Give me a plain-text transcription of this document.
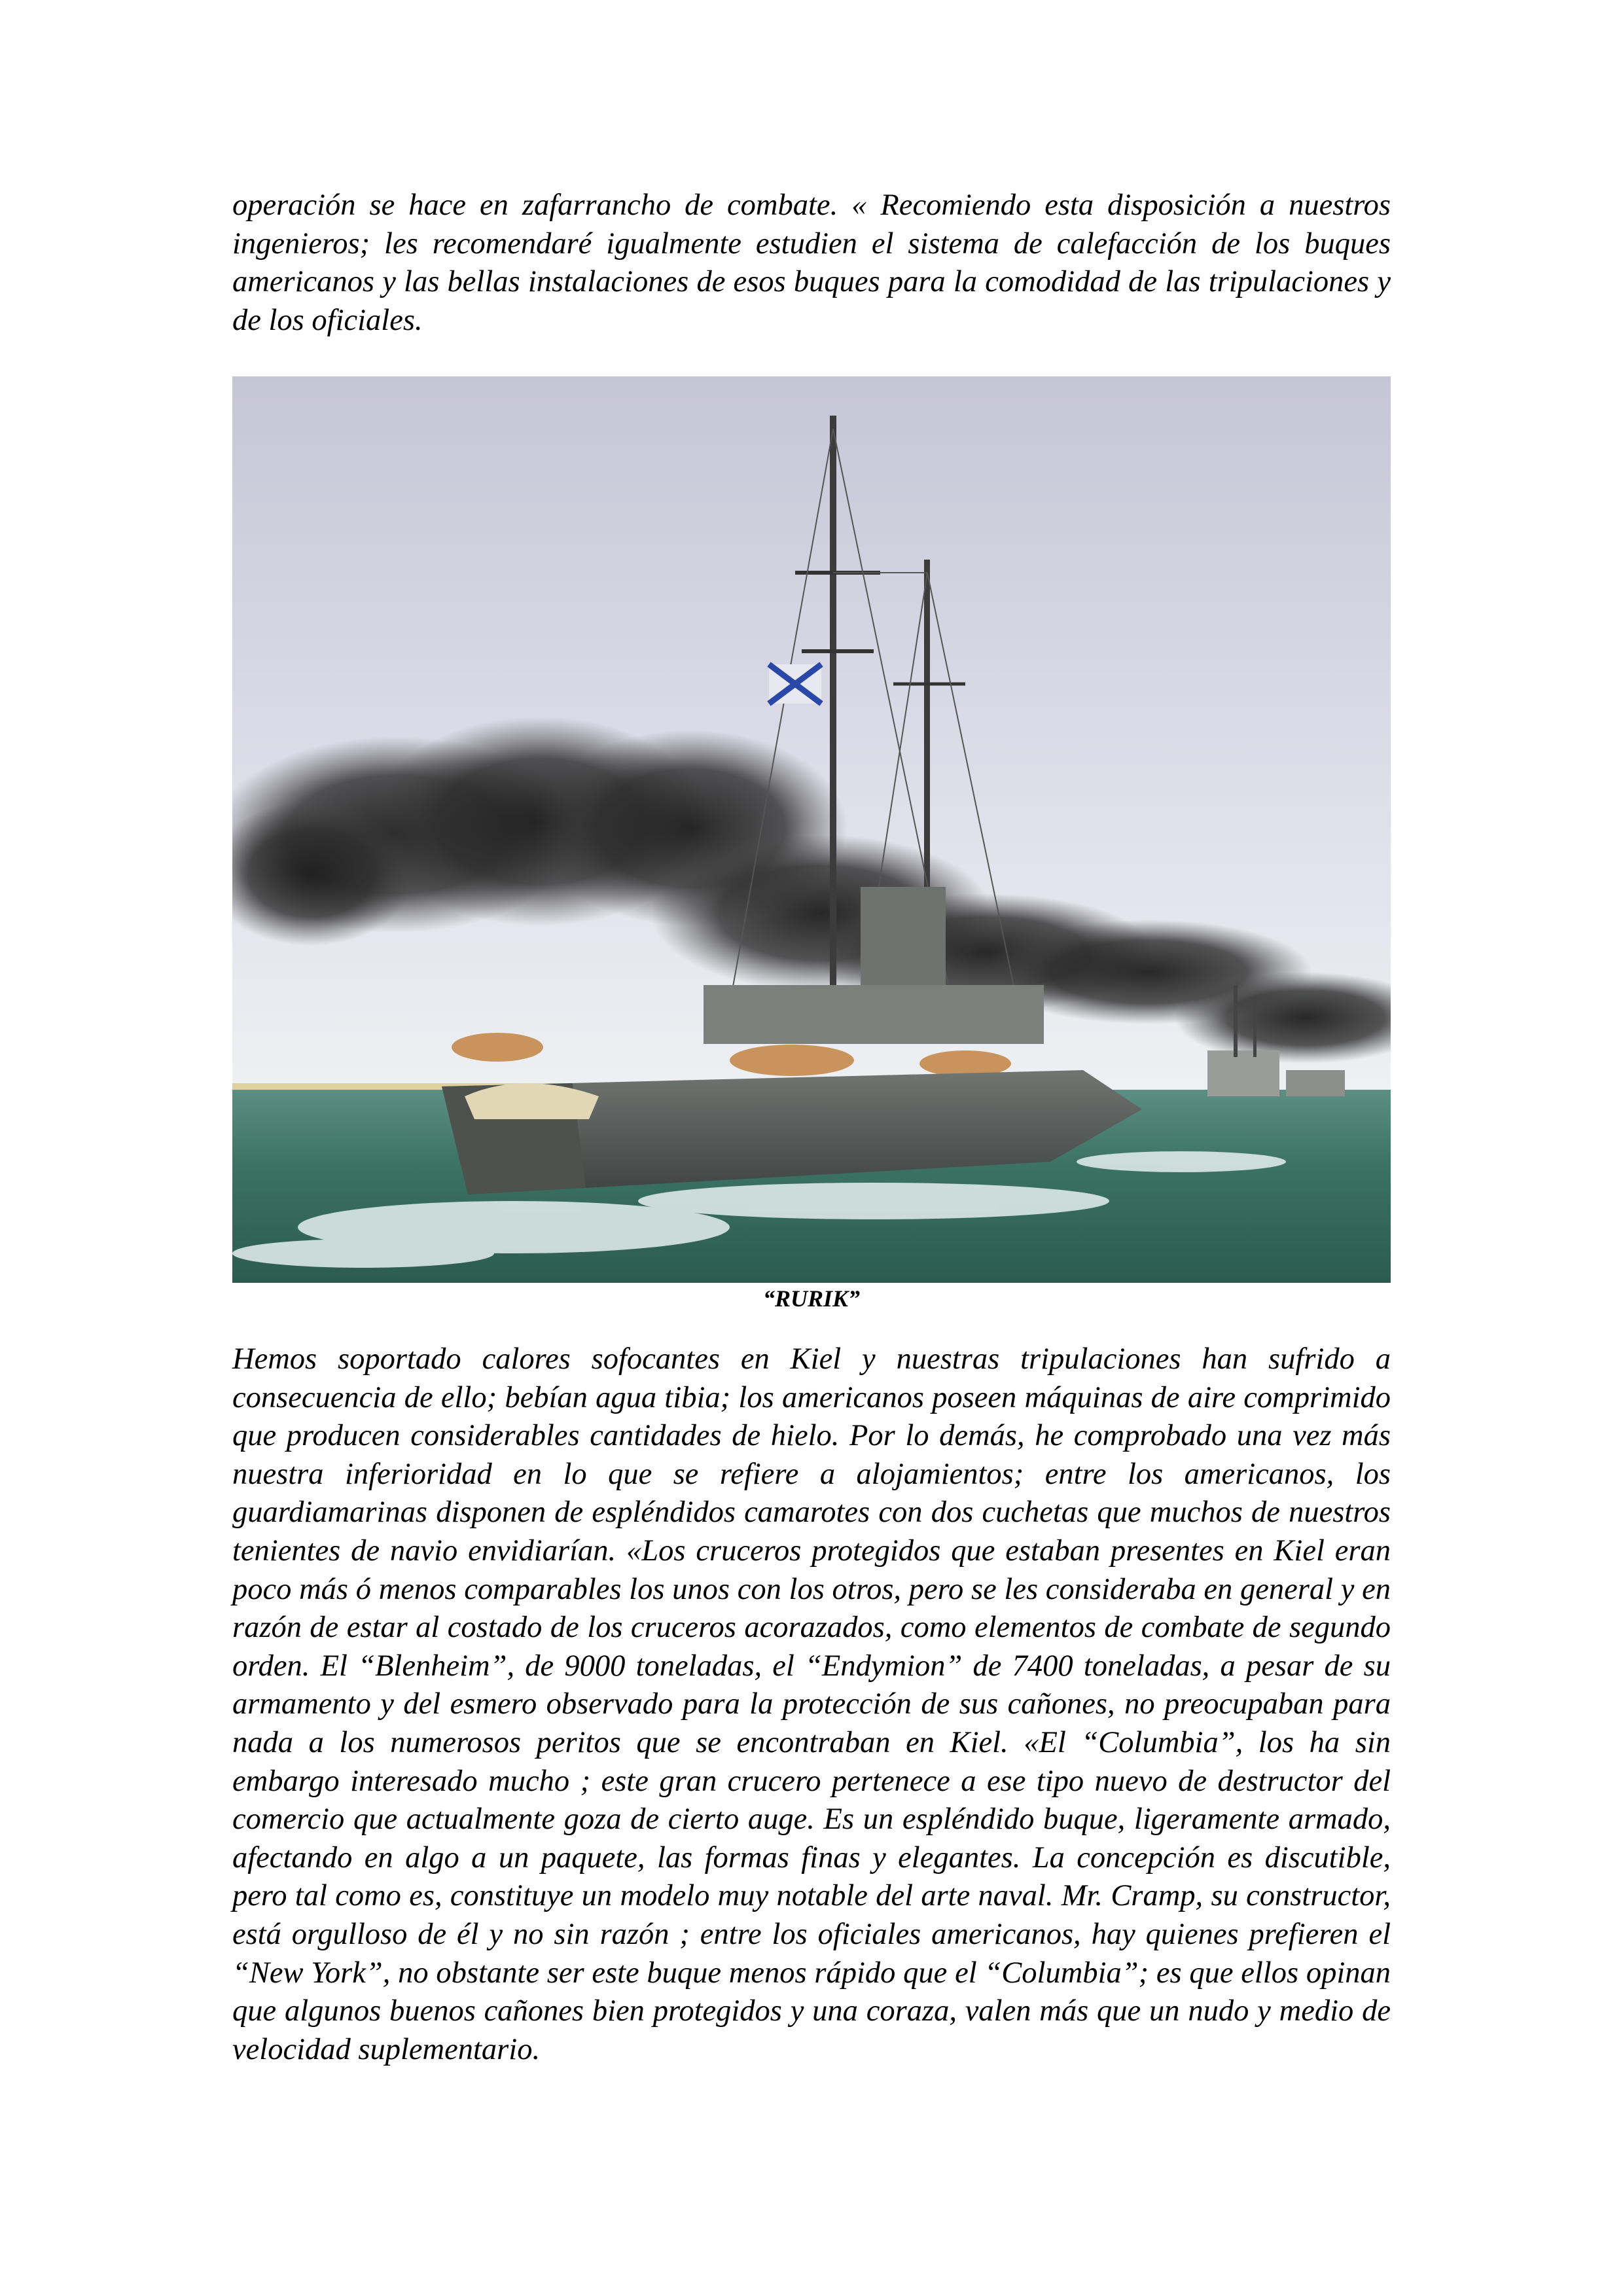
operación se hace en zafarrancho de combate. « Recomiendo esta disposición a nuestros ingenieros; les recomendaré igualmente estudien el sistema de calefacción de los buques americanos y las bellas instalaciones de esos buques para la comodidad de las tripulaciones y de los oficiales.

“RURIK”

Hemos soportado calores sofocantes en Kiel y nuestras tripulaciones han sufrido a consecuencia de ello; bebían agua tibia; los americanos poseen máquinas de aire comprimido que producen considerables cantidades de hielo. Por lo demás, he comprobado una vez más nuestra inferioridad en lo que se refiere a alojamientos; entre los americanos, los guardiamarinas disponen de espléndidos camarotes con dos cuchetas que muchos de nuestros tenientes de navio envidiarían. «Los cruceros protegidos que estaban presentes en Kiel eran poco más ó menos comparables los unos con los otros, pero se les consideraba en general y en razón de estar al costado de los cruceros acorazados, como elementos de combate de segundo orden. El “Blenheim”, de 9000 toneladas, el “Endymion” de 7400 toneladas, a pesar de su armamento y del esmero observado para la protección de sus cañones, no preocupaban para nada a los numerosos peritos que se encontraban en Kiel. «El “Columbia”, los ha sin embargo interesado mucho ; este gran crucero pertenece a ese tipo nuevo de destructor del comercio que actualmente goza de cierto auge. Es un espléndido buque, ligeramente armado, afectando en algo a un paquete, las formas finas y elegantes. La concepción es discutible, pero tal como es, constituye un modelo muy notable del arte naval. Mr. Cramp, su constructor, está orgulloso de él y no sin razón ; entre los oficiales americanos, hay quienes prefieren el “New York”, no obstante ser este buque menos rápido que el “Columbia”; es que ellos opinan que algunos buenos cañones bien protegidos y una coraza, valen más que un nudo y medio de velocidad suplementario.
